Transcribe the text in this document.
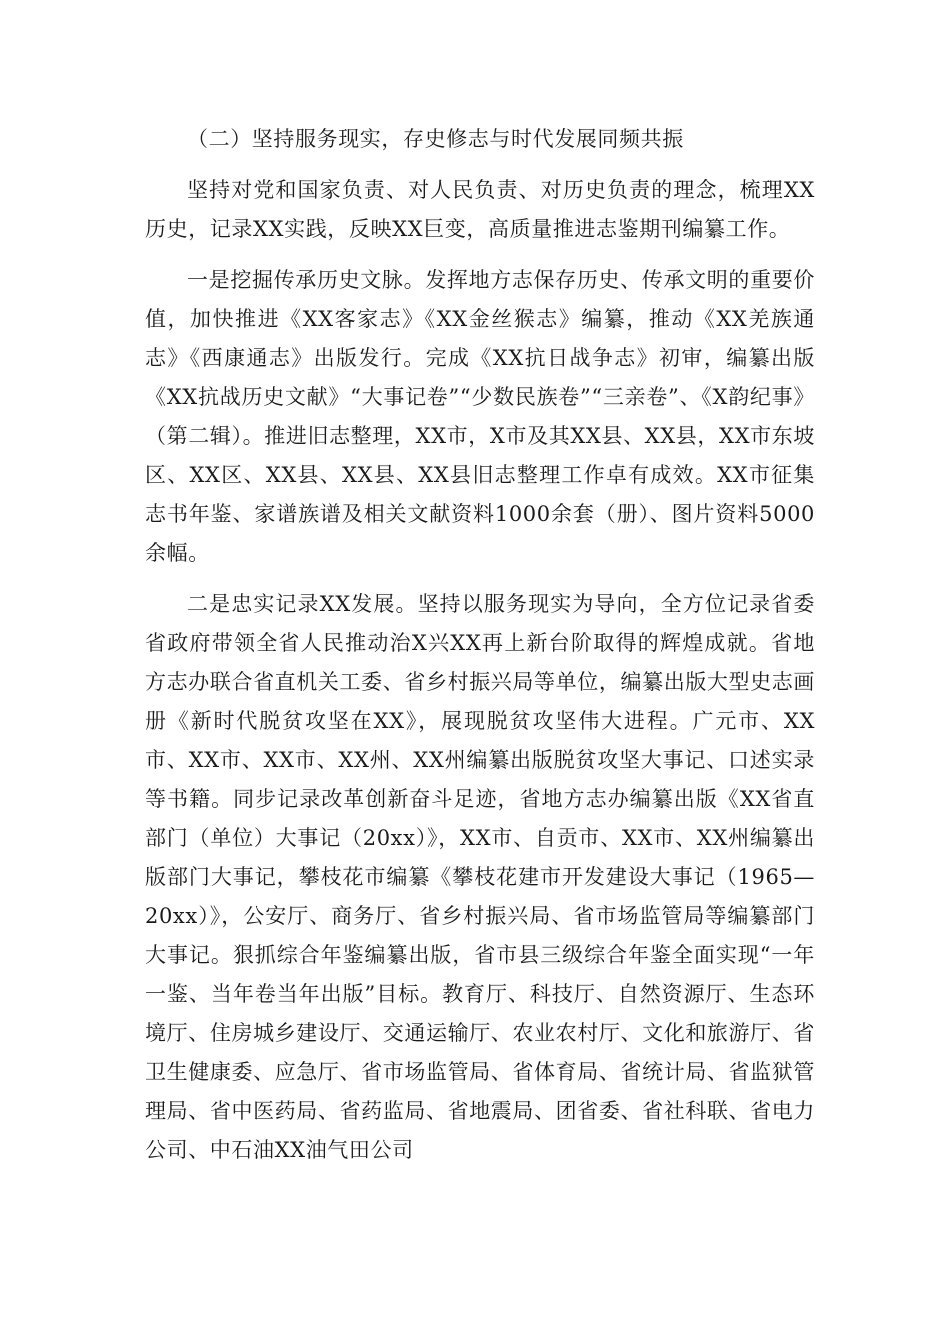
（二）坚持服务现实，存史修志与时代发展同频共振

坚持对党和国家负责、对人民负责、对历史负责的理念，梳理XX历史，记录XX实践，反映XX巨变，高质量推进志鉴期刊编纂工作。

一是挖掘传承历史文脉。发挥地方志保存历史、传承文明的重要价值，加快推进《XX客家志》《XX金丝猴志》编纂，推动《XX羌族通志》《西康通志》出版发行。完成《XX抗日战争志》初审，编纂出版《XX抗战历史文献》“大事记卷”“少数民族卷”“三亲卷”、《X韵纪事》（第二辑）。推进旧志整理，XX市，X市及其XX县、XX县，XX市东坡区、XX区、XX县、XX县、XX县旧志整理工作卓有成效。XX市征集志书年鉴、家谱族谱及相关文献资料1000余套（册）、图片资料5000余幅。

二是忠实记录XX发展。坚持以服务现实为导向，全方位记录省委省政府带领全省人民推动治X兴XX再上新台阶取得的辉煌成就。省地方志办联合省直机关工委、省乡村振兴局等单位，编纂出版大型史志画册《新时代脱贫攻坚在XX》，展现脱贫攻坚伟大进程。广元市、XX市、XX市、XX市、XX州、XX州编纂出版脱贫攻坚大事记、口述实录等书籍。同步记录改革创新奋斗足迹，省地方志办编纂出版《XX省直部门（单位）大事记（20xx）》，XX市、自贡市、XX市、XX州编纂出版部门大事记，攀枝花市编纂《攀枝花建市开发建设大事记（1965—20xx）》，公安厅、商务厅、省乡村振兴局、省市场监管局等编纂部门大事记。狠抓综合年鉴编纂出版，省市县三级综合年鉴全面实现“一年一鉴、当年卷当年出版”目标。教育厅、科技厅、自然资源厅、生态环境厅、住房城乡建设厅、交通运输厅、农业农村厅、文化和旅游厅、省卫生健康委、应急厅、省市场监管局、省体育局、省统计局、省监狱管理局、省中医药局、省药监局、省地震局、团省委、省社科联、省电力公司、中石油XX油气田公司
